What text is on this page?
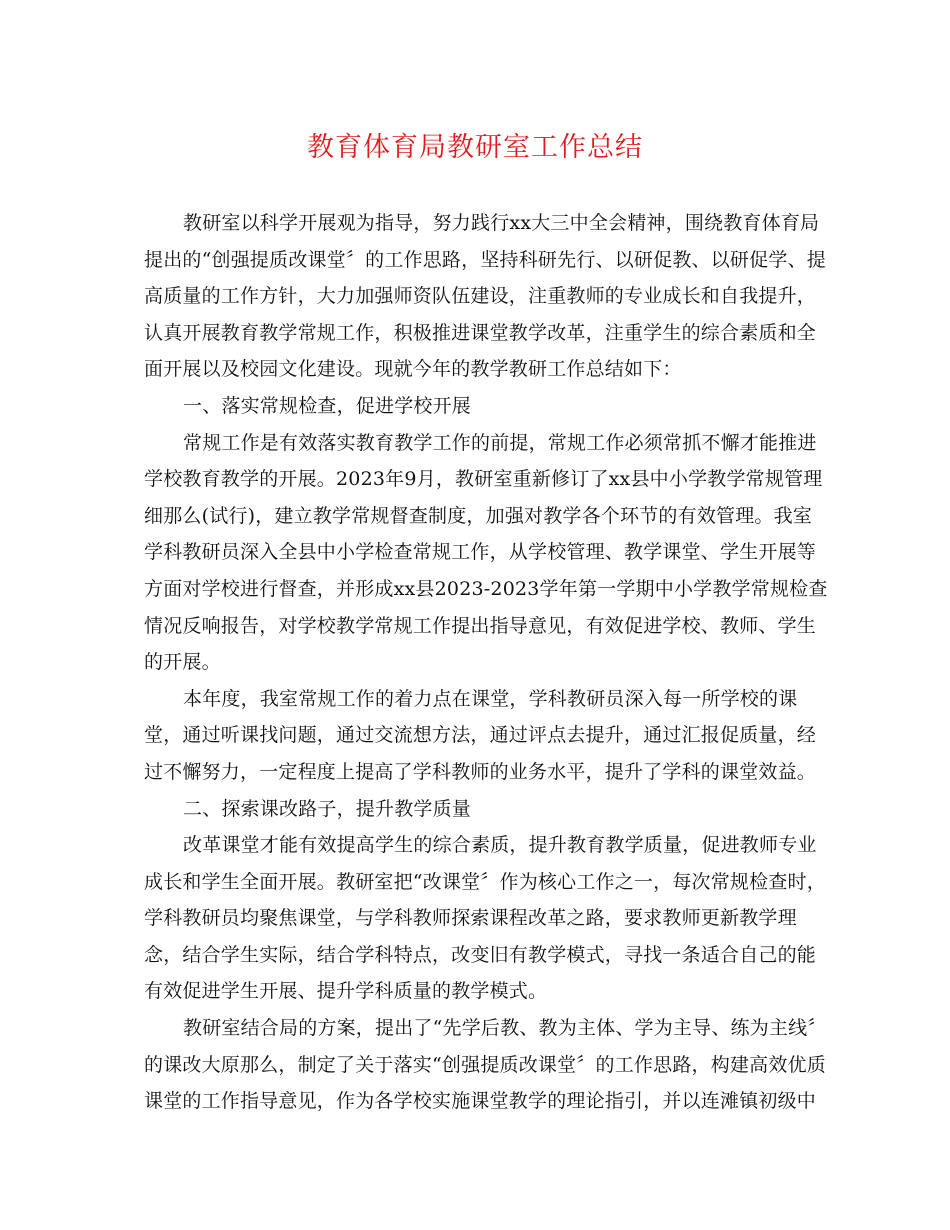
教育体育局教研室工作总结
教研室以科学开展观为指导，努力践行xx大三中全会精神，围绕教育体育局
提出的“创强提质改课堂〞的工作思路，坚持科研先行、以研促教、以研促学、提
高质量的工作方针，大力加强师资队伍建设，注重教师的专业成长和自我提升，
认真开展教育教学常规工作，积极推进课堂教学改革，注重学生的综合素质和全
面开展以及校园文化建设。现就今年的教学教研工作总结如下：
一、落实常规检查，促进学校开展
常规工作是有效落实教育教学工作的前提，常规工作必须常抓不懈才能推进
学校教育教学的开展。2023年9月，教研室重新修订了xx县中小学教学常规管理
细那么(试行)，建立教学常规督查制度，加强对教学各个环节的有效管理。我室
学科教研员深入全县中小学检查常规工作，从学校管理、教学课堂、学生开展等
方面对学校进行督查，并形成xx县2023-2023学年第一学期中小学教学常规检查
情况反响报告，对学校教学常规工作提出指导意见，有效促进学校、教师、学生
的开展。
本年度，我室常规工作的着力点在课堂，学科教研员深入每一所学校的课
堂，通过听课找问题，通过交流想方法，通过评点去提升，通过汇报促质量，经
过不懈努力，一定程度上提高了学科教师的业务水平，提升了学科的课堂效益。
二、探索课改路子，提升教学质量
改革课堂才能有效提高学生的综合素质，提升教育教学质量，促进教师专业
成长和学生全面开展。教研室把“改课堂〞作为核心工作之一，每次常规检查时，
学科教研员均聚焦课堂，与学科教师探索课程改革之路，要求教师更新教学理
念，结合学生实际，结合学科特点，改变旧有教学模式，寻找一条适合自己的能
有效促进学生开展、提升学科质量的教学模式。
教研室结合局的方案，提出了“先学后教、教为主体、学为主导、练为主线〞
的课改大原那么，制定了关于落实“创强提质改课堂〞的工作思路，构建高效优质
课堂的工作指导意见，作为各学校实施课堂教学的理论指引，并以连滩镇初级中
